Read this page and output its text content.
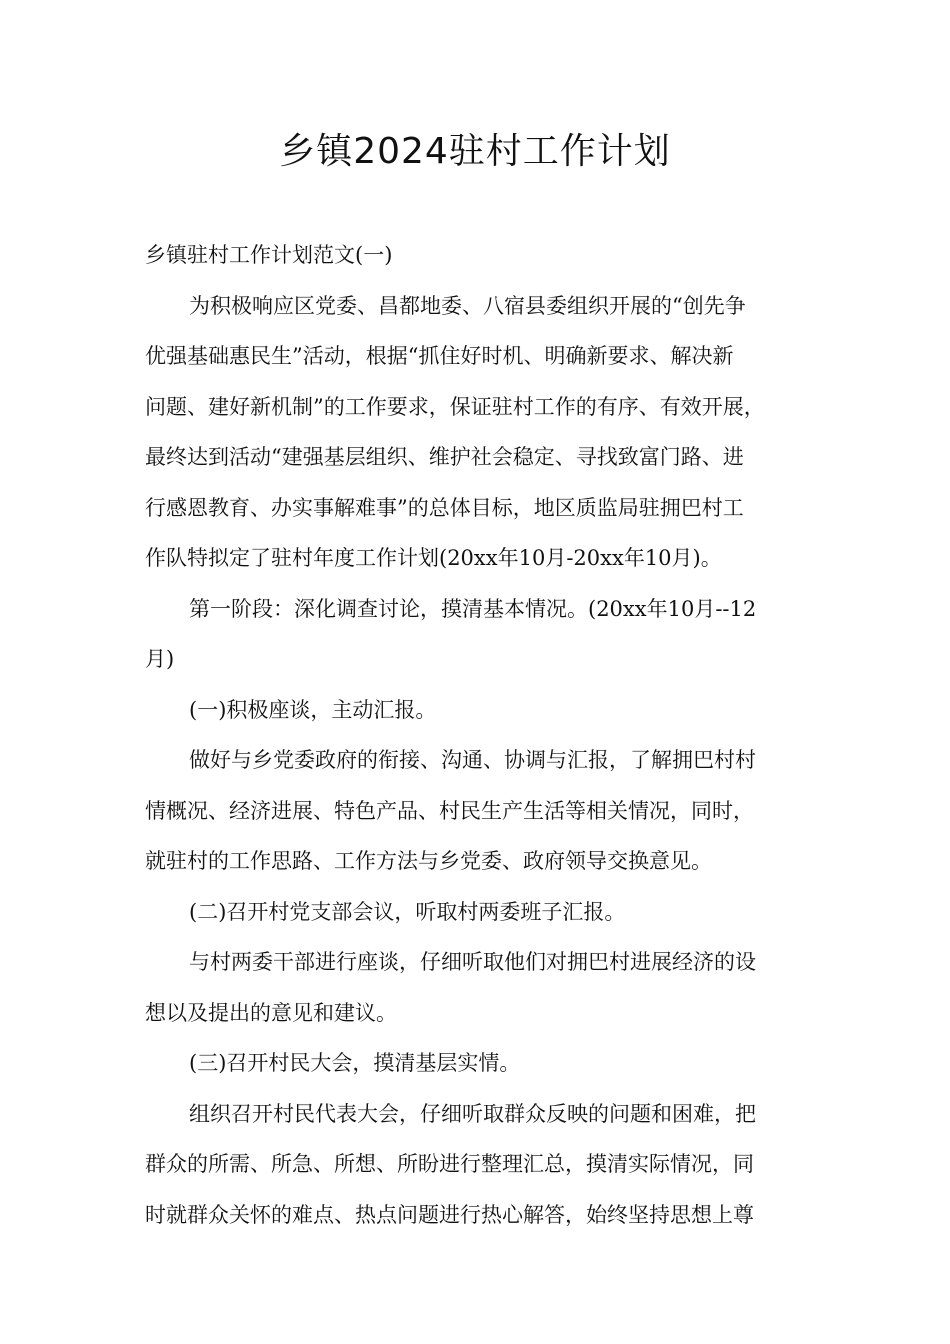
乡镇2024驻村工作计划
乡镇驻村工作计划范文(一)
为积极响应区党委、昌都地委、八宿县委组织开展的“创先争
优强基础惠民生”活动，根据“抓住好时机、明确新要求、解决新
问题、建好新机制”的工作要求，保证驻村工作的有序、有效开展，
最终达到活动“建强基层组织、维护社会稳定、寻找致富门路、进
行感恩教育、办实事解难事”的总体目标，地区质监局驻拥巴村工
作队特拟定了驻村年度工作计划(20xx年10月-20xx年10月)。
第一阶段：深化调查讨论，摸清基本情况。(20xx年10月--12
月)
(一)积极座谈，主动汇报。
做好与乡党委政府的衔接、沟通、协调与汇报，了解拥巴村村
情概况、经济进展、特色产品、村民生产生活等相关情况，同时，
就驻村的工作思路、工作方法与乡党委、政府领导交换意见。
(二)召开村党支部会议，听取村两委班子汇报。
与村两委干部进行座谈，仔细听取他们对拥巴村进展经济的设
想以及提出的意见和建议。
(三)召开村民大会，摸清基层实情。
组织召开村民代表大会，仔细听取群众反映的问题和困难，把
群众的所需、所急、所想、所盼进行整理汇总，摸清实际情况，同
时就群众关怀的难点、热点问题进行热心解答，始终坚持思想上尊
